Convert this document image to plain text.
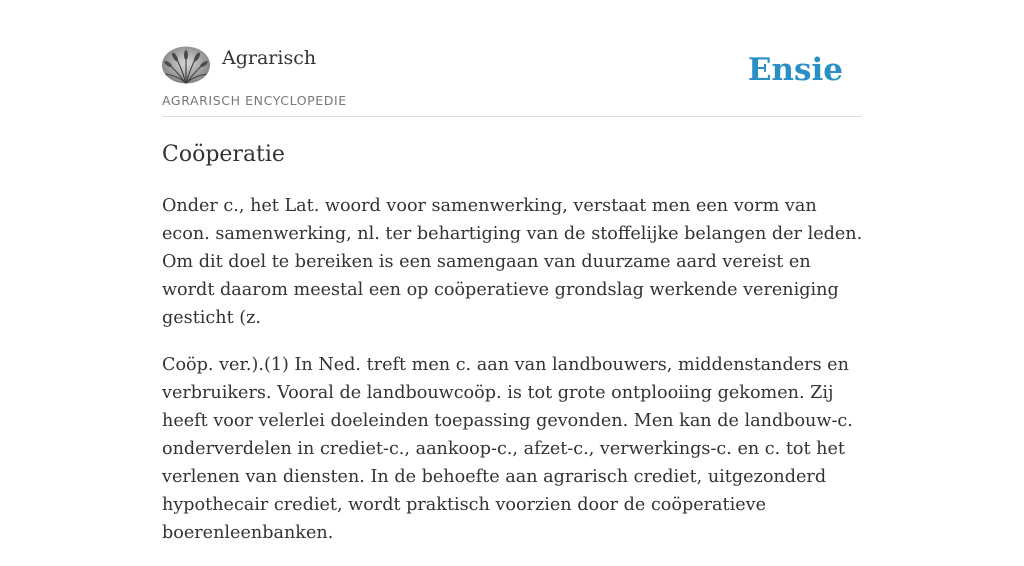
Agrarisch
AGRARISCH ENCYCLOPEDIE
Ensie
Coöperatie

Onder c., het Lat. woord voor samenwerking, verstaat men een vorm van econ. samenwerking, nl. ter behartiging van de stoffelijke belangen der leden. Om dit doel te bereiken is een samengaan van duurzame aard vereist en wordt daarom meestal een op coöperatieve grondslag werkende vereniging gesticht (z.

Coöp. ver.).(1) In Ned. treft men c. aan van landbouwers, middenstanders en verbruikers. Vooral de landbouwcoöp. is tot grote ontplooiing gekomen. Zij heeft voor velerlei doeleinden toepassing gevonden. Men kan de landbouw-c. onderverdelen in crediet-c., aankoop-c., afzet-c., verwerkings-c. en c. tot het verlenen van diensten. In de behoefte aan agrarisch crediet, uitgezonderd hypothecair crediet, wordt praktisch voorzien door de coöperatieve boerenleenbanken.
